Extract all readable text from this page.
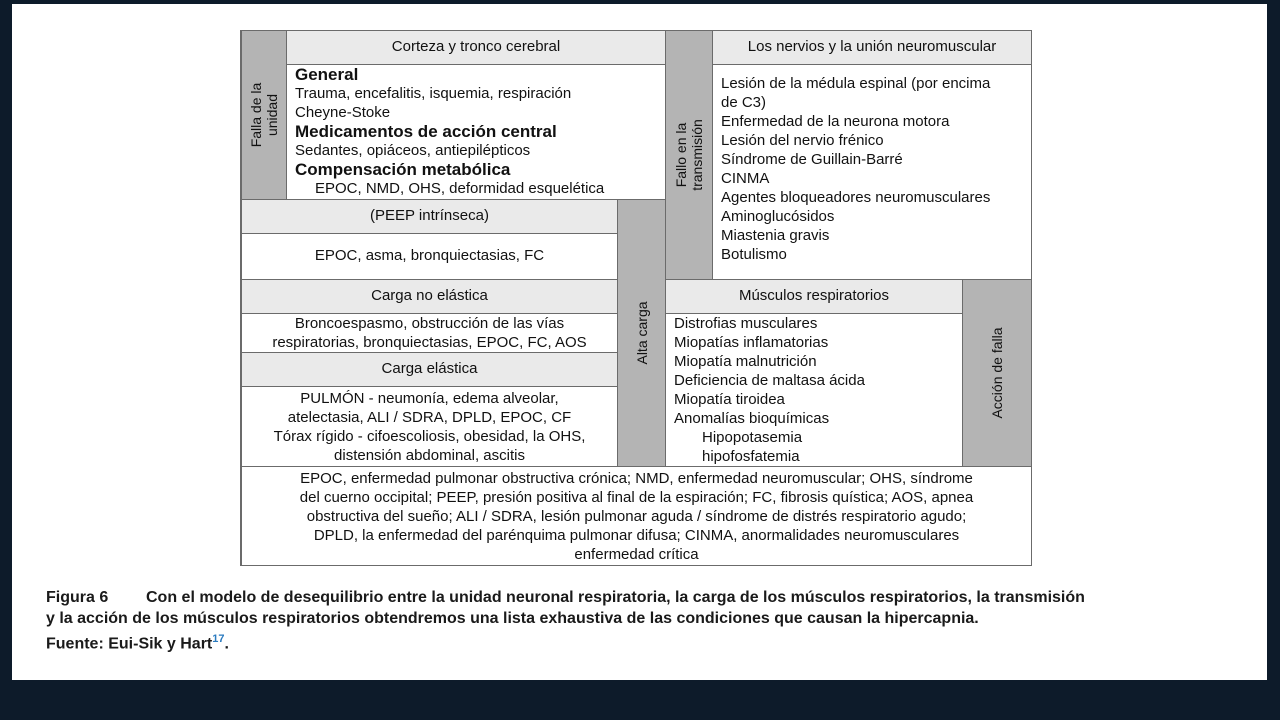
Falla de la unidad
Corteza y tronco cerebral
General
Trauma, encefalitis, isquemia, respiración
Cheyne-Stoke
Medicamentos de acción central
Sedantes, opiáceos, antiepilépticos
Compensación metabólica
EPOC, NMD, OHS, deformidad esquelética
Fallo en la transmisión
Los nervios y la unión neuromuscular
Lesión de la médula espinal (por encima
de C3)
Enfermedad de la neurona motora
Lesión del nervio frénico
Síndrome de Guillain-Barré
CINMA
Agentes bloqueadores neuromusculares
Aminoglucósidos
Miastenia gravis
Botulismo
(PEEP intrínseca)
EPOC, asma, bronquiectasias, FC
Alta carga
Carga no elástica
Broncoespasmo, obstrucción de las vías
respiratorias, bronquiectasias, EPOC, FC, AOS
Carga elástica
PULMÓN - neumonía, edema alveolar,
atelectasia, ALI / SDRA, DPLD, EPOC, CF
Tórax rígido - cifoescoliosis, obesidad, la OHS,
distensión abdominal, ascitis
Músculos respiratorios
Distrofias musculares
Miopatías inflamatorias
Miopatía malnutrición
Deficiencia de maltasa ácida
Miopatía tiroidea
Anomalías bioquímicas
Hipopotasemia
hipofosfatemia
Acción de falla
EPOC, enfermedad pulmonar obstructiva crónica; NMD, enfermedad neuromuscular; OHS, síndrome
del cuerno occipital; PEEP, presión positiva al final de la espiración; FC, fibrosis quística; AOS, apnea
obstructiva del sueño; ALI / SDRA, lesión pulmonar aguda / síndrome de distrés respiratorio agudo;
DPLD, la enfermedad del parénquima pulmonar difusa; CINMA, anormalidades neuromusculares
enfermedad crítica
Figura 6 Con el modelo de desequilibrio entre la unidad neuronal respiratoria, la carga de los músculos respiratorios, la transmisión
y la acción de los músculos respiratorios obtendremos una lista exhaustiva de las condiciones que causan la hipercapnia.
Fuente: Eui-Sik y Hart$^{17}$.
